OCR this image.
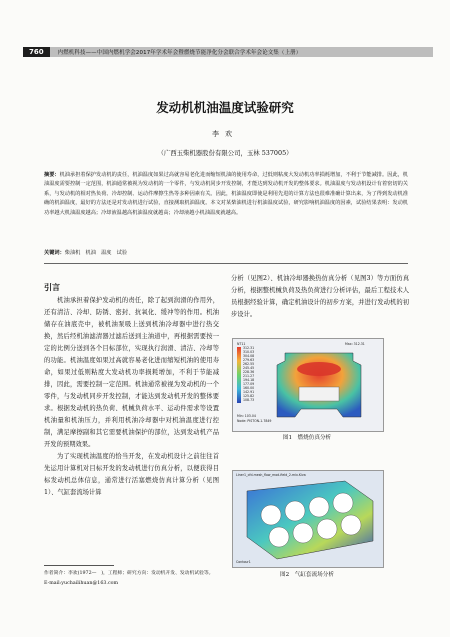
760	内燃机科技——中国内燃机学会2017年学术年会暨燃烧节能净化分会联合学术年会论文集（上册）
发动机机油温度试验研究
李欢
（广西玉柴机器股份有限公司，玉林 537005）
摘要：机油承担着保护发动机的责任，机油温度如果过高就容易老化进而缩短机油的使用寿命，过低则粘度大发动机功率损耗增加，不利于节能减排。因此，机油温度需要控制一定范围，机油通常被视为发动机的一个零件，与发动机同步开发控制，才能达到发动机开发的整体要求。机油温度与发动机设计有着密切的关系，与发动机的相对热负荷、冷却控制、运动件摩擦生热等多种因素有关。因此，机油温度即使是利用先进的计算方法也很难准确计算出来，为了得到发动机准确的机油温度，最好的方法还是对发动机进行试验，直接测取机油温度。本文对某柴油机进行机油温度试验，研究影响机油温度的因素，试验结果表明：发动机功率越大机油温度越高；冷却液温越高机油温度就越高；冷却液越小机油温度就越高。
关键词：柴油机　机油　温度　试验
引言

机油承担着保护发动机的责任，除了起到润滑的作用外，还有清洁、冷却、防锈、密封、抗氧化、缓冲等的作用。机油储存在油底壳中，被机油泵吸上送到机油冷却器中进行热交换，然后经机油滤清器过滤后送到主油道中，再根据需要按一定的比例分送到各个目标部位，实现执行润滑、清洁、冷却等的功能。机油温度如果过高就容易老化进而缩短机油的使用寿命，如果过低则粘度大发动机功率损耗增加，不利于节能减排，因此，需要控制一定范围。机油通常被视为发动机的一个零件，与发动机同步开发控制，才能达到发动机开发的整体要求。根据发动机的热负荷、机械负荷水平、运动件需求等设置机油量和机油压力，并利用机油冷却器中对机油温度进行控制，满足摩擦副和其它需要机油保护的部位，达到发动机产品开发的预期效果。

为了实现机油温度的恰当开发，在发动机设计之前往往首先运用计算机对目标开发的发动机进行仿真分析，以便获得目标发动机总体信息，通常进行活塞燃烧仿真计算分析（见图1）、气缸套流场计算

分析（见图2）、机油冷却器换热仿真分析（见图3）等方面仿真分析，根据整机械负荷及热负荷进行分析评估，最后工程技术人员根据经验计算，确定机油设计的初步方案，并进行发动机的初步设计。

NT11
312.31
310.03
304.08
279.63
262.55
245.45
228.36
211.27
194.18
177.09
160.00
142.91
125.82
108.73
Min: 103.04
Node: PISTON-1.7849
Max: 312.31
图1　燃烧仿真分析
Liner1_cfd-mesh_flow_mod-field_2-mix.Kiva
Contour1
图2　气缸套流场分析
作者简介：李欢(1972—　)，工程师；研究方向：发动机开发、发动机试验等。
E-mail:yuchailihuan@163.com
